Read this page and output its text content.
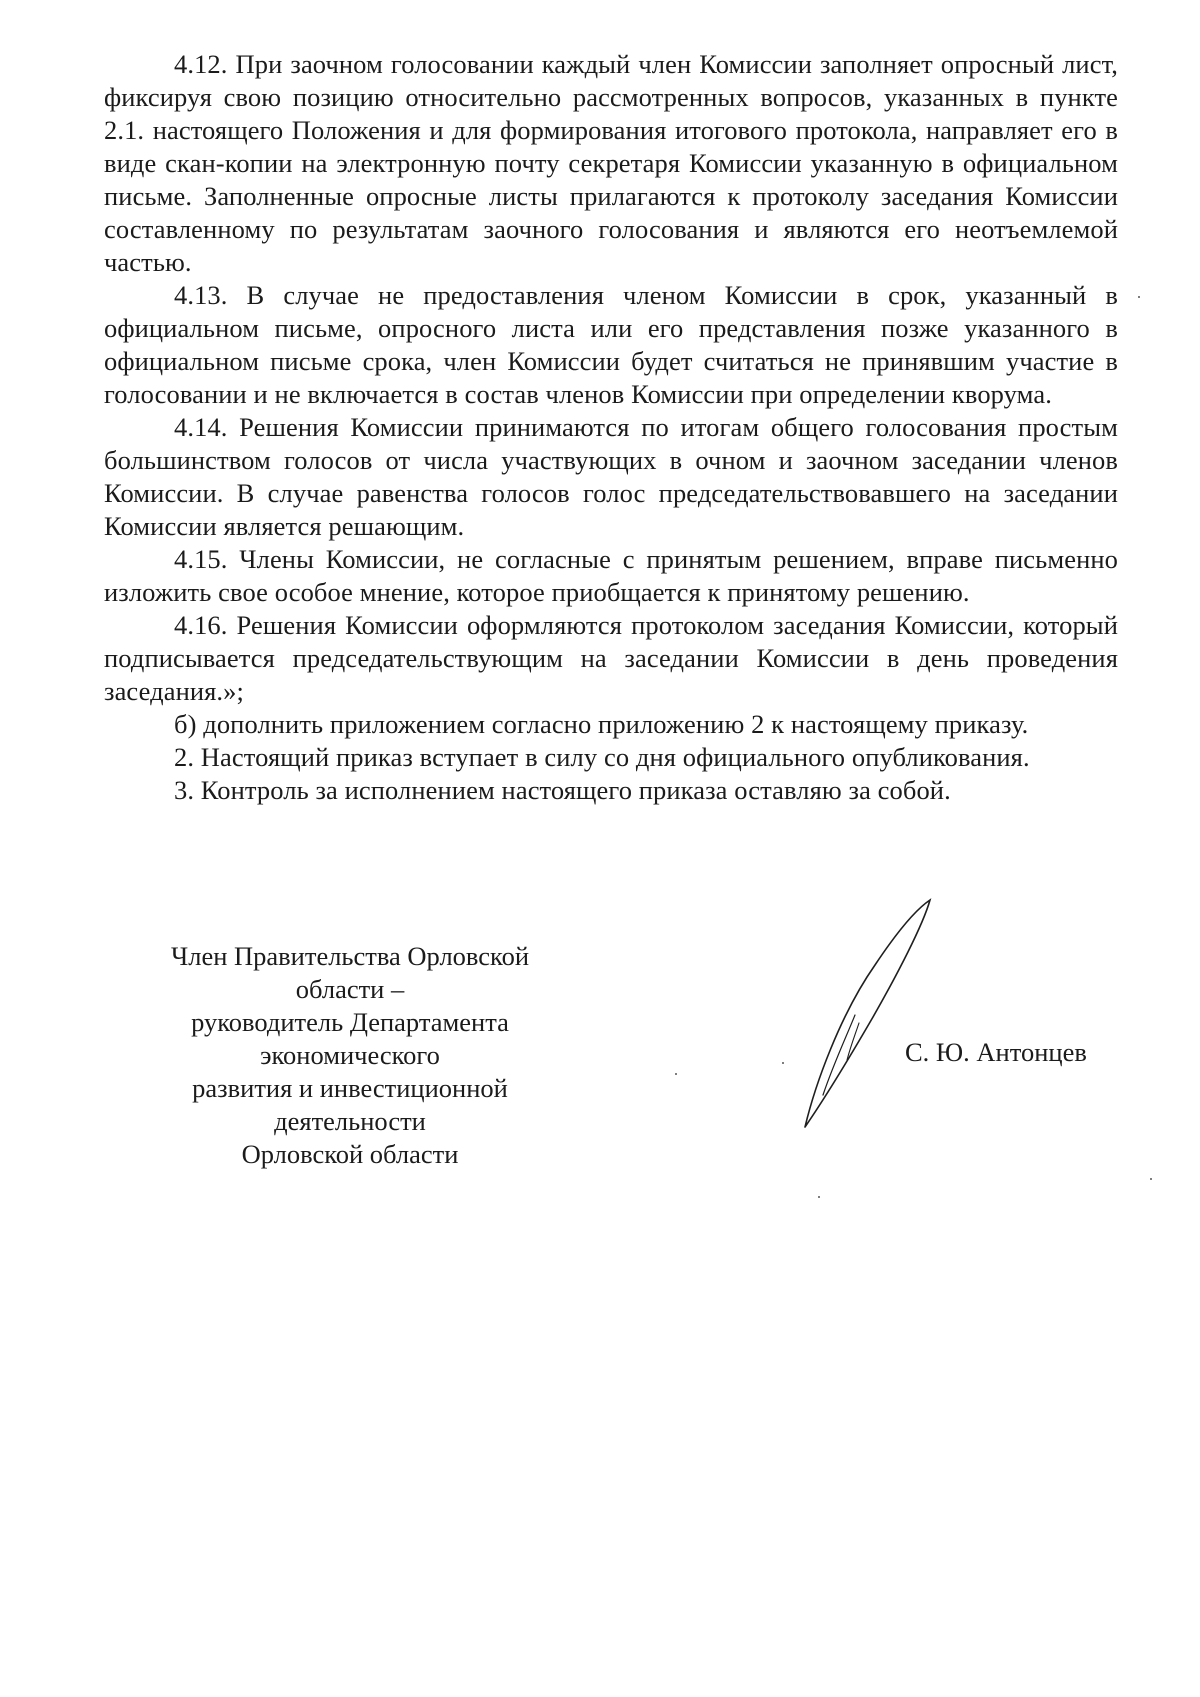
4.12. При заочном голосовании каждый член Комиссии заполняет опросный лист, фиксируя свою позицию относительно рассмотренных вопросов, указанных в пункте 2.1. настоящего Положения и для формирования итогового протокола, направляет его в виде скан-копии на электронную почту секретаря Комиссии указанную в официальном письме. Заполненные опросные листы прилагаются к протоколу заседания Комиссии составленному по результатам заочного голосования и являются его неотъемлемой частью.

4.13. В случае не предоставления членом Комиссии в срок, указанный в официальном письме, опросного листа или его представления позже указанного в официальном письме срока, член Комиссии будет считаться не принявшим участие в голосовании и не включается в состав членов Комиссии при определении кворума.

4.14. Решения Комиссии принимаются по итогам общего голосования простым большинством голосов от числа участвующих в очном и заочном заседании членов Комиссии. В случае равенства голосов голос председательствовавшего на заседании Комиссии является решающим.

4.15. Члены Комиссии, не согласные с принятым решением, вправе письменно изложить свое особое мнение, которое приобщается к принятому решению.

4.16. Решения Комиссии оформляются протоколом заседания Комиссии, который подписывается председательствующим на заседании Комиссии в день проведения заседания.»;

б) дополнить приложением согласно приложению 2 к настоящему приказу.

2. Настоящий приказ вступает в силу со дня официального опубликования.

3. Контроль за исполнением настоящего приказа оставляю за собой.

Член Правительства Орловской области –
руководитель Департамента экономического
развития и инвестиционной деятельности
Орловской области
С. Ю. Антонцев
